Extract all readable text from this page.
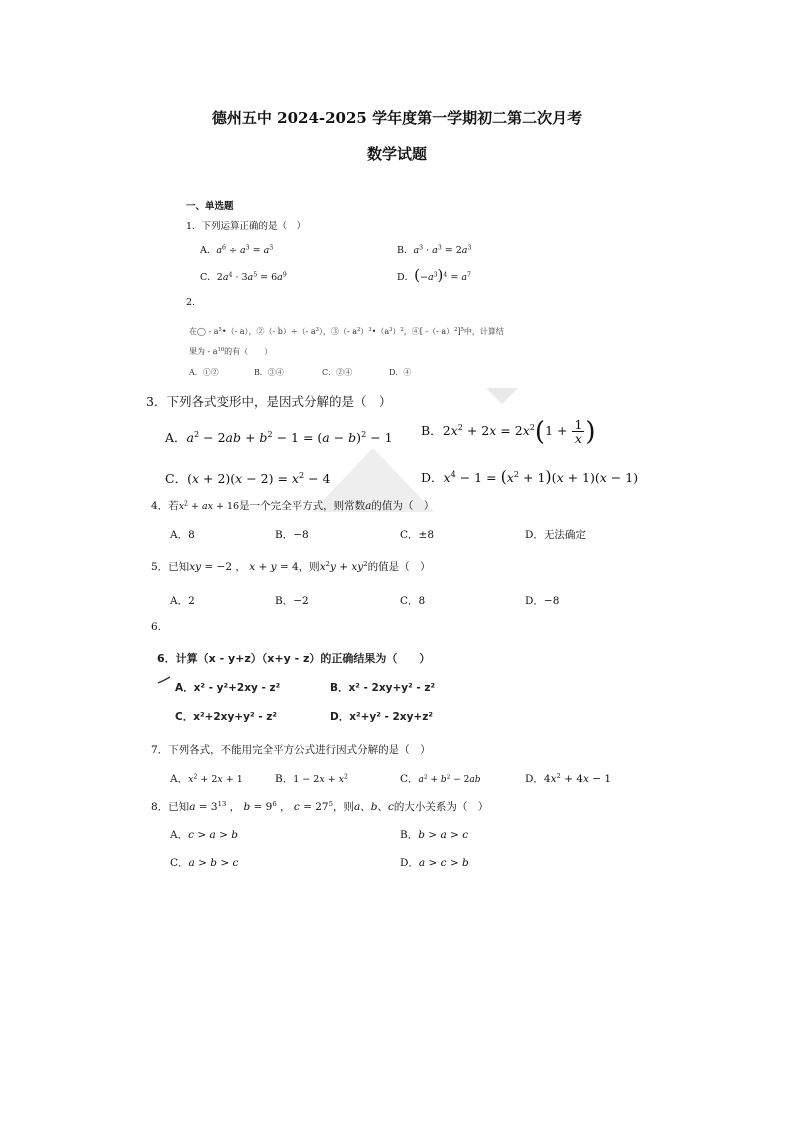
德州五中 2024-2025 学年度第一学期初二第二次月考
数学试题
一、单选题
1．下列运算正确的是（　）
A．$a^6 \div a^3 = a^3$	B．$a^3 \cdot a^3 = 2a^3$
C．$2a^4 \cdot 3a^5 = 6a^9$	D．$(-a^3)^4 = a^7$
2.
在◯ - $a^5•(-$ a），②（- b）÷（- $a^3$），③（- $a^2)^3•(a^3)^2$，④[ -（- a）$^2$]$^5$中，计算结
果为 - $a^{10}$的有（　　）
A．①②	B．③④	C．②④	D．④
3．下列各式变形中，是因式分解的是（　）
A．$a^2 - 2ab + b^2 - 1 = (a - b)^2 - 1$ B．$2x^2 + 2x = 2x^2(1 + \frac{1}{x}$ )
C．$(x + 2)(x - 2) = x^2 - 4$	D．$x^4 - 1 = (x^2 + 1)(x + 1)(x - 1)$
4．若$x^2$ + ax + 16是一个完全平方式，则常数a的值为（　）
A．8	B．−8	C．±8	D．无法确定
5．已知xy = −2 ， x + y = 4，则$x^2y + xy^2$的值是（　）
A．2	B．−2	C．8	D．−8
6.
6．计算（x - y+z）（x+y - z）的正确结果为（　　）
A．x² - y²+2xy - z²	B．x² - 2xy+y² - z²
C．x²+2xy+y² - z²	D．x²+y² - 2xy+z²
7．下列各式，不能用完全平方公式进行因式分解的是（　）
A．$x^2 + 2x + 1$	B．$1 - 2x + x^2$	C．$a^2 + b^2 - 2ab$	D．$4x^2 + 4x - 1$
8．已知$a = 3^{13}$ ， $b = 9^6$ ， $c = 27^5$，则a、b、c的大小关系为（　）
A．c > a > b	B．b > a > c
C．a > b > c	D．a > c > b
